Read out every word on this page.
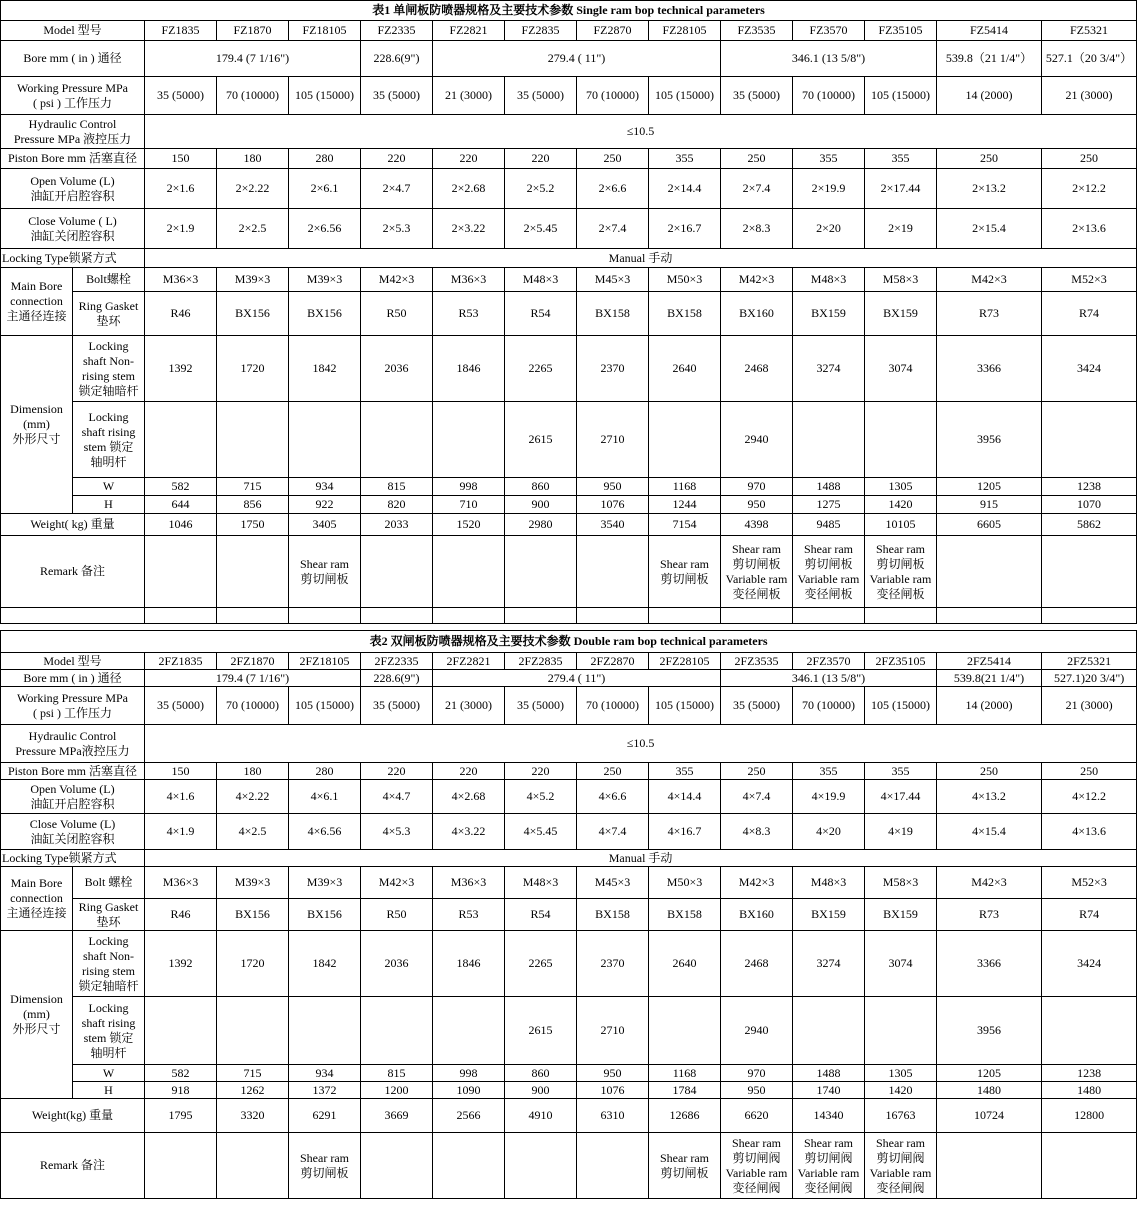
表1 单闸板防喷器规格及主要技术参数 Single ram bop technical parameters														
Model 型号		FZ1835	FZ1870	FZ18105	FZ2335	FZ2821	FZ2835	FZ2870	FZ28105	FZ3535	FZ3570	FZ35105	FZ5414	FZ5321
Bore mm ( in ) 通径		179.4 (7 1/16")			228.6(9")	279.4 ( 11")				346.1 (13 5/8")			539.8（21 1/4"）	527.1（20 3/4"）
Working Pressure MPa
( psi ) 工作压力		35 (5000)	70 (10000)	105 (15000)	35 (5000)	21 (3000)	35 (5000)	70 (10000)	105 (15000)	35 (5000)	70 (10000)	105 (15000)	14 (2000)	21 (3000)
Hydraulic Control
Pressure MPa 液控压力		≤10.5												
Piston Bore mm 活塞直径		150	180	280	220	220	220	250	355	250	355	355	250	250
Open Volume (L)
油缸开启腔容积		2×1.6	2×2.22	2×6.1	2×4.7	2×2.68	2×5.2	2×6.6	2×14.4	2×7.4	2×19.9	2×17.44	2×13.2	2×12.2
Close Volume ( L)
油缸关闭腔容积		2×1.9	2×2.5	2×6.56	2×5.3	2×3.22	2×5.45	2×7.4	2×16.7	2×8.3	2×20	2×19	2×15.4	2×13.6
Locking Type锁紧方式		Manual 手动												
Main Bore
connection
主通径连接	Bolt螺栓	M36×3	M39×3	M39×3	M42×3	M36×3	M48×3	M45×3	M50×3	M42×3	M48×3	M58×3	M42×3	M52×3
	Ring Gasket
垫环	R46	BX156	BX156	R50	R53	R54	BX158	BX158	BX160	BX159	BX159	R73	R74
Dimension
(mm)
外形尺寸	Locking
shaft Non-
rising stem
锁定轴暗杆	1392	1720	1842	2036	1846	2265	2370	2640	2468	3274	3074	3366	3424
	Locking
shaft rising
stem 锁定
轴明杆						2615	2710		2940			3956	
	W	582	715	934	815	998	860	950	1168	970	1488	1305	1205	1238
	H	644	856	922	820	710	900	1076	1244	950	1275	1420	915	1070
Weight( kg) 重量		1046	1750	3405	2033	1520	2980	3540	7154	4398	9485	10105	6605	5862
Remark 备注				Shear ram
剪切闸板					Shear ram
剪切闸板	Shear ram
剪切闸板
Variable ram
变径闸板	Shear ram
剪切闸板
Variable ram
变径闸板	Shear ram
剪切闸板
Variable ram
变径闸板		

表2 双闸板防喷器规格及主要技术参数 Double ram bop technical parameters														
Model 型号		2FZ1835	2FZ1870	2FZ18105	2FZ2335	2FZ2821	2FZ2835	2FZ2870	2FZ28105	2FZ3535	2FZ3570	2FZ35105	2FZ5414	2FZ5321
Bore mm ( in ) 通径		179.4 (7 1/16")			228.6(9")	279.4 ( 11")				346.1 (13 5/8")			539.8(21 1/4")	527.1)20 3/4")
Working Pressure MPa
( psi ) 工作压力		35 (5000)	70 (10000)	105 (15000)	35 (5000)	21 (3000)	35 (5000)	70 (10000)	105 (15000)	35 (5000)	70 (10000)	105 (15000)	14 (2000)	21 (3000)
Hydraulic Control
Pressure MPa液控压力		≤10.5												
Piston Bore mm 活塞直径		150	180	280	220	220	220	250	355	250	355	355	250	250
Open Volume (L)
油缸开启腔容积		4×1.6	4×2.22	4×6.1	4×4.7	4×2.68	4×5.2	4×6.6	4×14.4	4×7.4	4×19.9	4×17.44	4×13.2	4×12.2
Close Volume (L)
油缸关闭腔容积		4×1.9	4×2.5	4×6.56	4×5.3	4×3.22	4×5.45	4×7.4	4×16.7	4×8.3	4×20	4×19	4×15.4	4×13.6
Locking Type锁紧方式		Manual 手动												
Main Bore
connection
主通径连接	Bolt 螺栓	M36×3	M39×3	M39×3	M42×3	M36×3	M48×3	M45×3	M50×3	M42×3	M48×3	M58×3	M42×3	M52×3
	Ring Gasket
垫环	R46	BX156	BX156	R50	R53	R54	BX158	BX158	BX160	BX159	BX159	R73	R74
Dimension
(mm)
外形尺寸	Locking
shaft Non-
rising stem
锁定轴暗杆	1392	1720	1842	2036	1846	2265	2370	2640	2468	3274	3074	3366	3424
	Locking
shaft rising
stem 锁定
轴明杆						2615	2710		2940			3956	
	W	582	715	934	815	998	860	950	1168	970	1488	1305	1205	1238
	H	918	1262	1372	1200	1090	900	1076	1784	950	1740	1420	1480	1480
Weight(kg) 重量		1795	3320	6291	3669	2566	4910	6310	12686	6620	14340	16763	10724	12800
Remark 备注				Shear ram
剪切闸板					Shear ram
剪切闸板	Shear ram
剪切闸阀
Variable ram
变径闸阀	Shear ram
剪切闸阀
Variable ram
变径闸阀	Shear ram
剪切闸阀
Variable ram
变径闸阀		
